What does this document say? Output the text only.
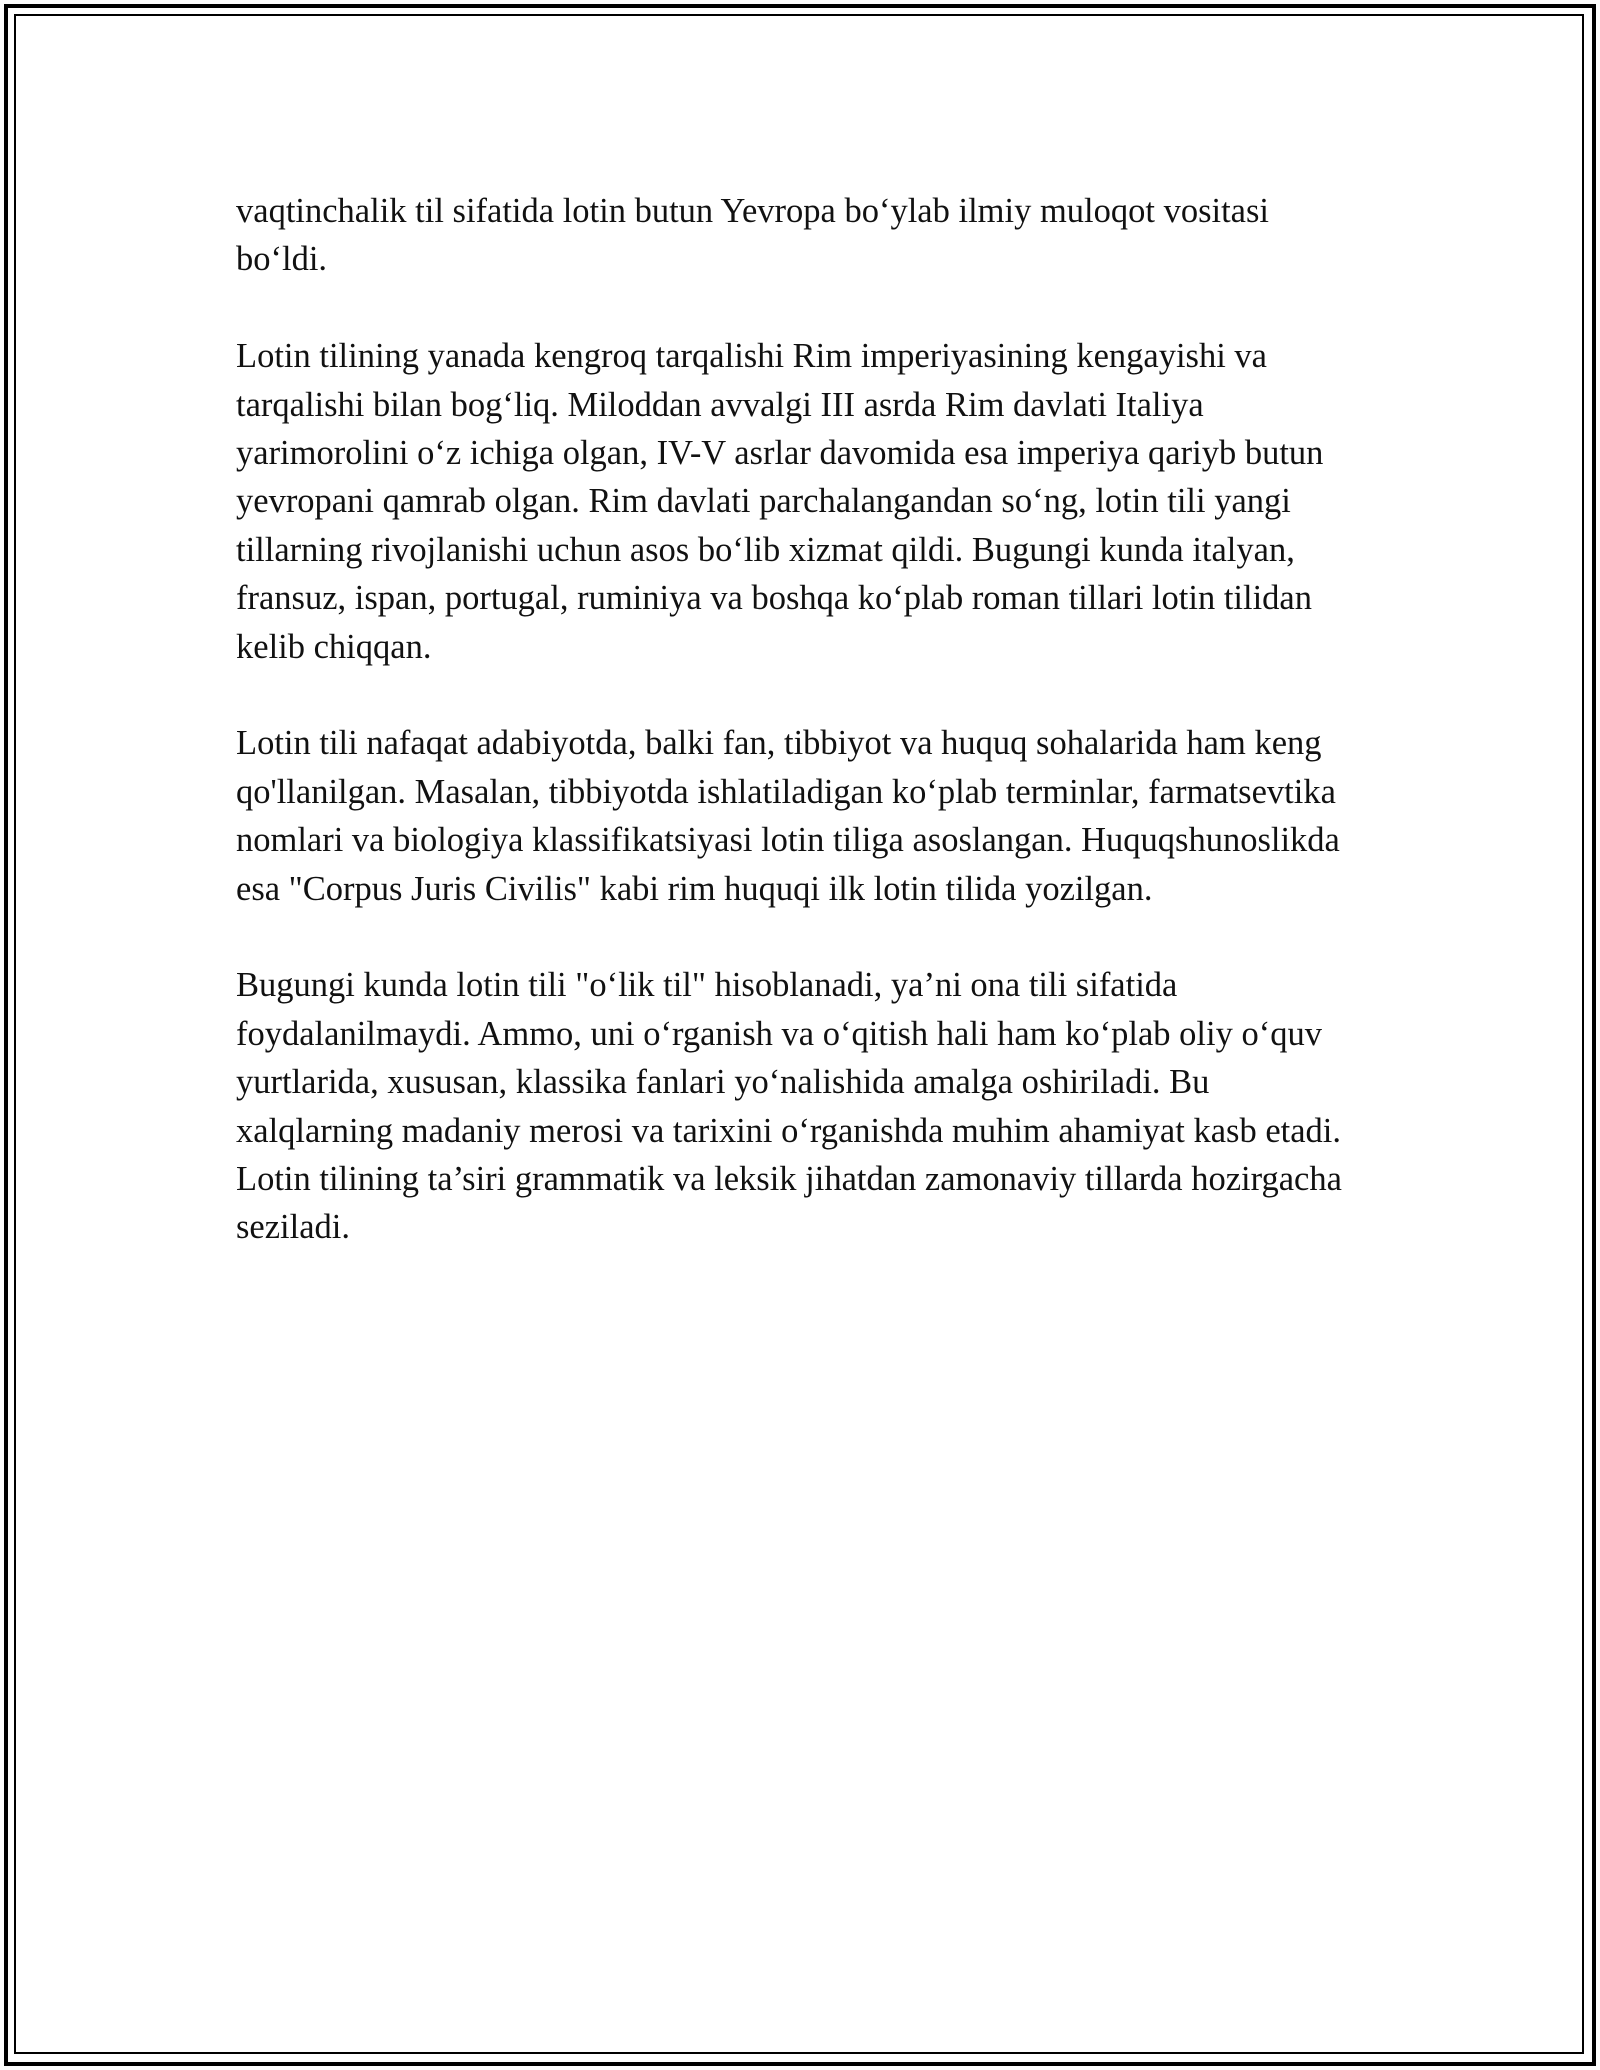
vaqtinchalik til sifatida lotin butun Yevropa bo‘ylab ilmiy muloqot vositasi bo‘ldi.

Lotin tilining yanada kengroq tarqalishi Rim imperiyasining kengayishi va tarqalishi bilan bog‘liq. Miloddan avvalgi III asrda Rim davlati Italiya yarimorolini o‘z ichiga olgan, IV-V asrlar davomida esa imperiya qariyb butun yevropani qamrab olgan. Rim davlati parchalangandan so‘ng, lotin tili yangi tillarning rivojlanishi uchun asos bo‘lib xizmat qildi. Bugungi kunda italyan, fransuz, ispan, portugal, ruminiya va boshqa ko‘plab roman tillari lotin tilidan kelib chiqqan.

Lotin tili nafaqat adabiyotda, balki fan, tibbiyot va huquq sohalarida ham keng qo'llanilgan. Masalan, tibbiyotda ishlatiladigan ko‘plab terminlar, farmatsevtika nomlari va biologiya klassifikatsiyasi lotin tiliga asoslangan. Huquqshunoslikda esa "Corpus Juris Civilis" kabi rim huquqi ilk lotin tilida yozilgan.

Bugungi kunda lotin tili "o‘lik til" hisoblanadi, ya’ni ona tili sifatida foydalanilmaydi. Ammo, uni o‘rganish va o‘qitish hali ham ko‘plab oliy o‘quv yurtlarida, xususan, klassika fanlari yo‘nalishida amalga oshiriladi. Bu xalqlarning madaniy merosi va tarixini o‘rganishda muhim ahamiyat kasb etadi. Lotin tilining ta’siri grammatik va leksik jihatdan zamonaviy tillarda hozirgacha seziladi.
